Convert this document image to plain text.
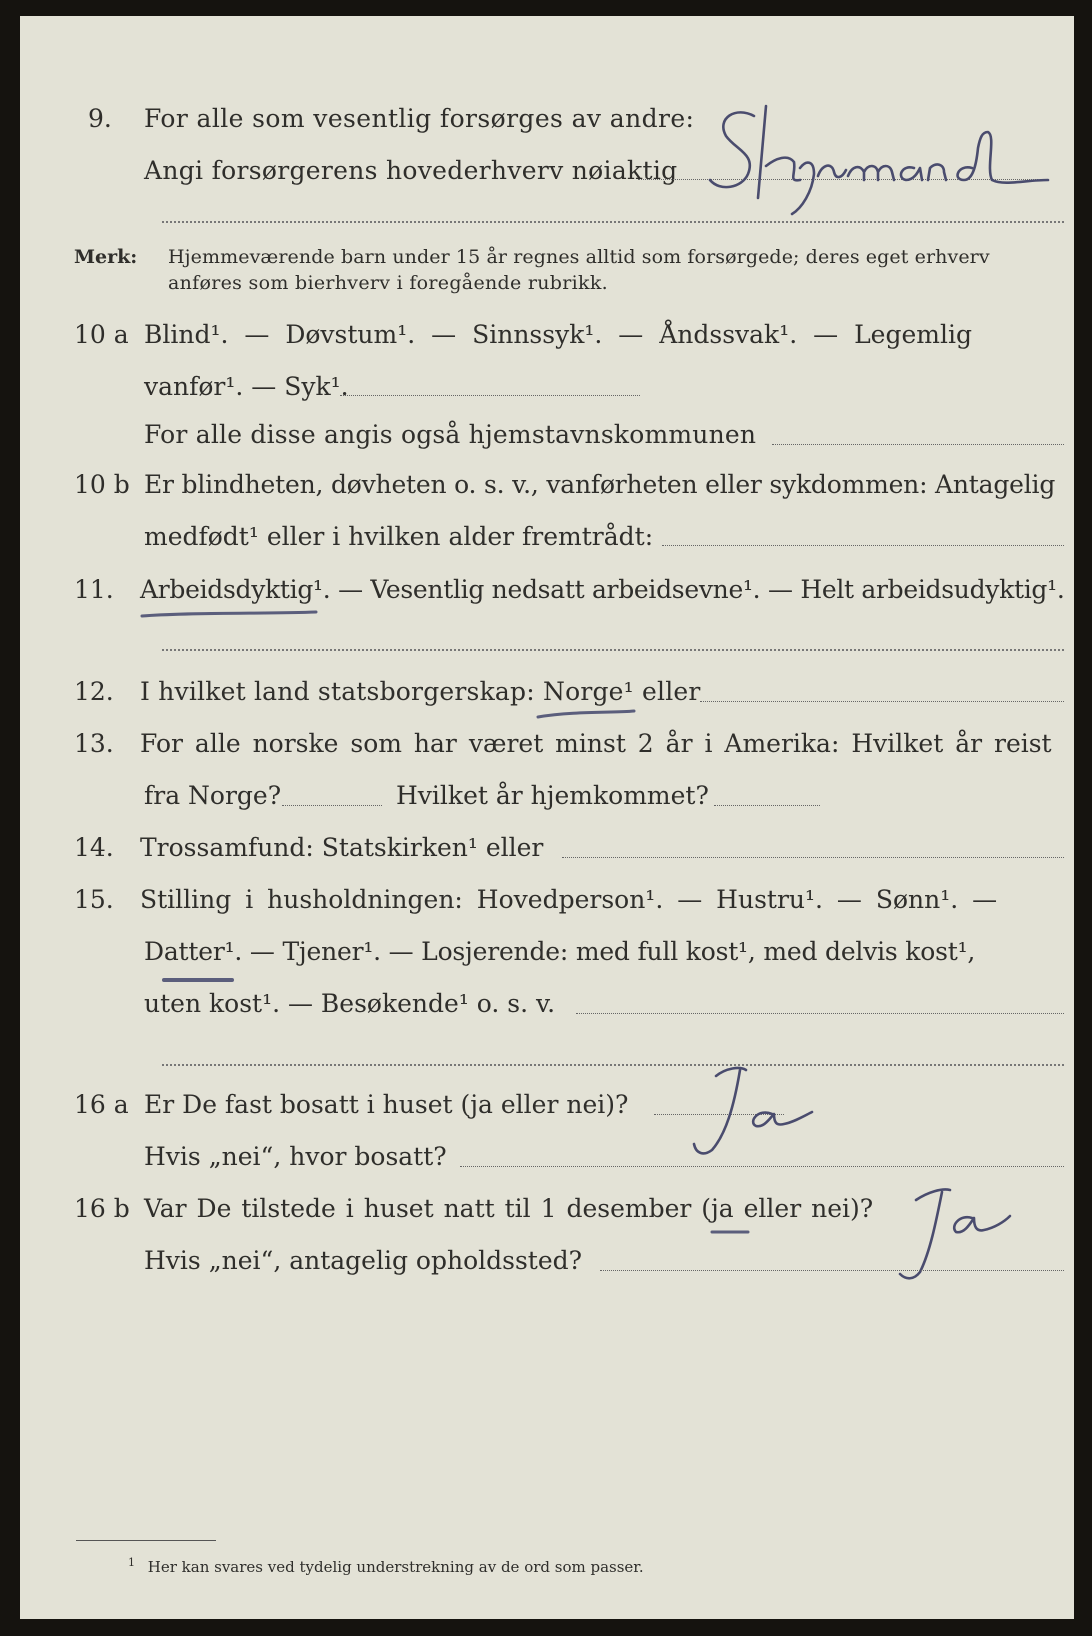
9. For alle som vesentlig forsørges av andre:
Angi forsørgerens hovederhverv nøiaktig
Merk: Hjemmeværende barn under 15 år regnes alltid som forsørgede; deres eget erhverv
anføres som bierhverv i foregående rubrikk.
10 a Blind¹. — Døvstum¹. — Sinnssyk¹. — Åndssvak¹. — Legemlig
vanfør¹. — Syk¹.
For alle disse angis også hjemstavnskommunen
10 b Er blindheten, døvheten o. s. v., vanførheten eller sykdommen: Antagelig
medfødt¹ eller i hvilken alder fremtrådt:
11. Arbeidsdyktig¹. — Vesentlig nedsatt arbeidsevne¹. — Helt arbeidsudyktig¹.
12. I hvilket land statsborgerskap: Norge¹ eller
13. For alle norske som har været minst 2 år i Amerika: Hvilket år reist
fra Norge?	Hvilket år hjemkommet?
14. Trossamfund: Statskirken¹ eller
15. Stilling i husholdningen: Hovedperson¹. — Hustru¹. — Sønn¹. —
Datter¹. — Tjener¹. — Losjerende: med full kost¹, med delvis kost¹,
uten kost¹. — Besøkende¹ o. s. v.
16 a Er De fast bosatt i huset (ja eller nei)?
Hvis „nei“, hvor bosatt?
16 b Var De tilstede i huset natt til 1 desember (ja eller nei)?
Hvis „nei“, antagelig opholdssted?
$^1$ Her kan svares ved tydelig understrekning av de ord som passer.
